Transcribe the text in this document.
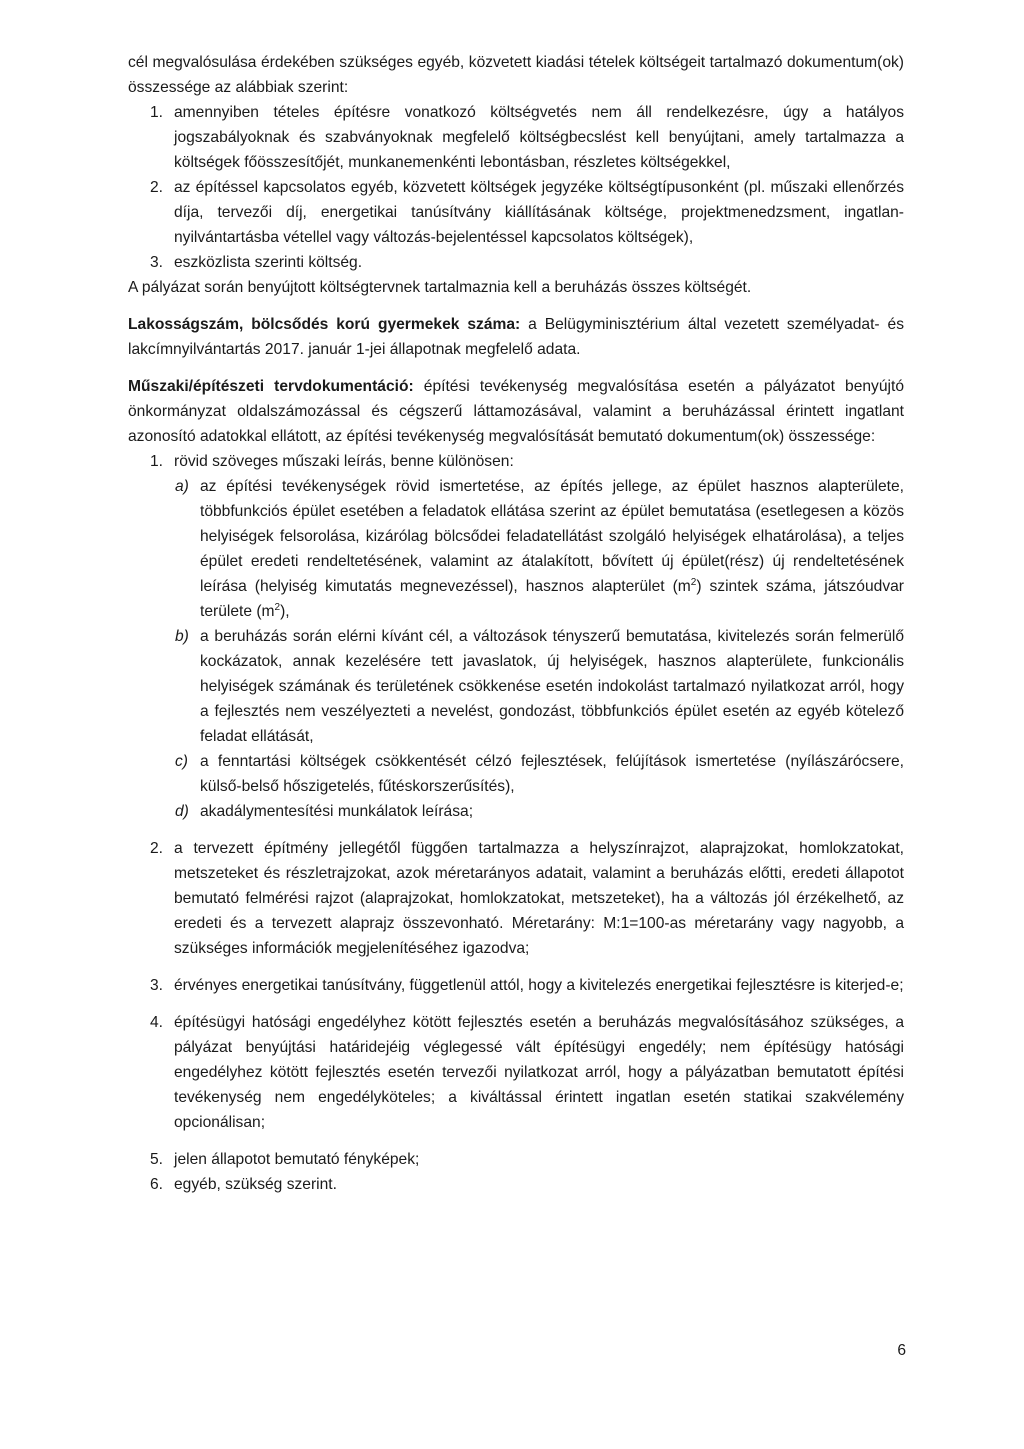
cél megvalósulása érdekében szükséges egyéb, közvetett kiadási tételek költségeit tartalmazó dokumentum(ok) összessége az alábbiak szerint:

1. amennyiben tételes építésre vonatkozó költségvetés nem áll rendelkezésre, úgy a hatályos jogszabályoknak és szabványoknak megfelelő költségbecslést kell benyújtani, amely tartalmazza a költségek főösszesítőjét, munkanemenkénti lebontásban, részletes költségekkel,
2. az építéssel kapcsolatos egyéb, közvetett költségek jegyzéke költségtípusonként (pl. műszaki ellenőrzés díja, tervezői díj, energetikai tanúsítvány kiállításának költsége, projektmenedzsment, ingatlan-nyilvántartásba vétellel vagy változás-bejelentéssel kapcsolatos költségek),
3. eszközlista szerinti költség.

A pályázat során benyújtott költségtervnek tartalmaznia kell a beruházás összes költségét.

Lakosságszám, bölcsődés korú gyermekek száma: a Belügyminisztérium által vezetett személyadat- és lakcímnyilvántartás 2017. január 1-jei állapotnak megfelelő adata.

Műszaki/építészeti tervdokumentáció: építési tevékenység megvalósítása esetén a pályázatot benyújtó önkormányzat oldalszámozással és cégszerű láttamozásával, valamint a beruházással érintett ingatlant azonosító adatokkal ellátott, az építési tevékenység megvalósítását bemutató dokumentum(ok) összessége:

1. rövid szöveges műszaki leírás, benne különösen:
a) az építési tevékenységek rövid ismertetése, az építés jellege, az épület hasznos alapterülete, többfunkciós épület esetében a feladatok ellátása szerint az épület bemutatása (esetlegesen a közös helyiségek felsorolása, kizárólag bölcsődei feladatellátást szolgáló helyiségek elhatárolása), a teljes épület eredeti rendeltetésének, valamint az átalakított, bővített új épület(rész) új rendeltetésének leírása (helyiség kimutatás megnevezéssel), hasznos alapterület $(m^2)$ szintek száma, játszóudvar területe $(m^2)$,
b) a beruházás során elérni kívánt cél, a változások tényszerű bemutatása, kivitelezés során felmerülő kockázatok, annak kezelésére tett javaslatok, új helyiségek, hasznos alapterülete, funkcionális helyiségek számának és területének csökkenése esetén indokolást tartalmazó nyilatkozat arról, hogy a fejlesztés nem veszélyezteti a nevelést, gondozást, többfunkciós épület esetén az egyéb kötelező feladat ellátását,
c) a fenntartási költségek csökkentését célzó fejlesztések, felújítások ismertetése (nyílászárócsere, külső-belső hőszigetelés, fűtéskorszerűsítés),
d) akadálymentesítési munkálatok leírása;
2. a tervezett építmény jellegétől függően tartalmazza a helyszínrajzot, alaprajzokat, homlokzatokat, metszeteket és részletrajzokat, azok méretarányos adatait, valamint a beruházás előtti, eredeti állapotot bemutató felmérési rajzot (alaprajzokat, homlokzatokat, metszeteket), ha a változás jól érzékelhető, az eredeti és a tervezett alaprajz összevonható. Méretarány: M:1=100-as méretarány vagy nagyobb, a szükséges információk megjelenítéséhez igazodva;
3. érvényes energetikai tanúsítvány, függetlenül attól, hogy a kivitelezés energetikai fejlesztésre is kiterjed-e;
4. építésügyi hatósági engedélyhez kötött fejlesztés esetén a beruházás megvalósításához szükséges, a pályázat benyújtási határidejéig véglegessé vált építésügyi engedély; nem építésügy hatósági engedélyhez kötött fejlesztés esetén tervezői nyilatkozat arról, hogy a pályázatban bemutatott építési tevékenység nem engedélyköteles; a kiváltással érintett ingatlan esetén statikai szakvélemény opcionálisan;
5. jelen állapotot bemutató fényképek;
6. egyéb, szükség szerint.
6
